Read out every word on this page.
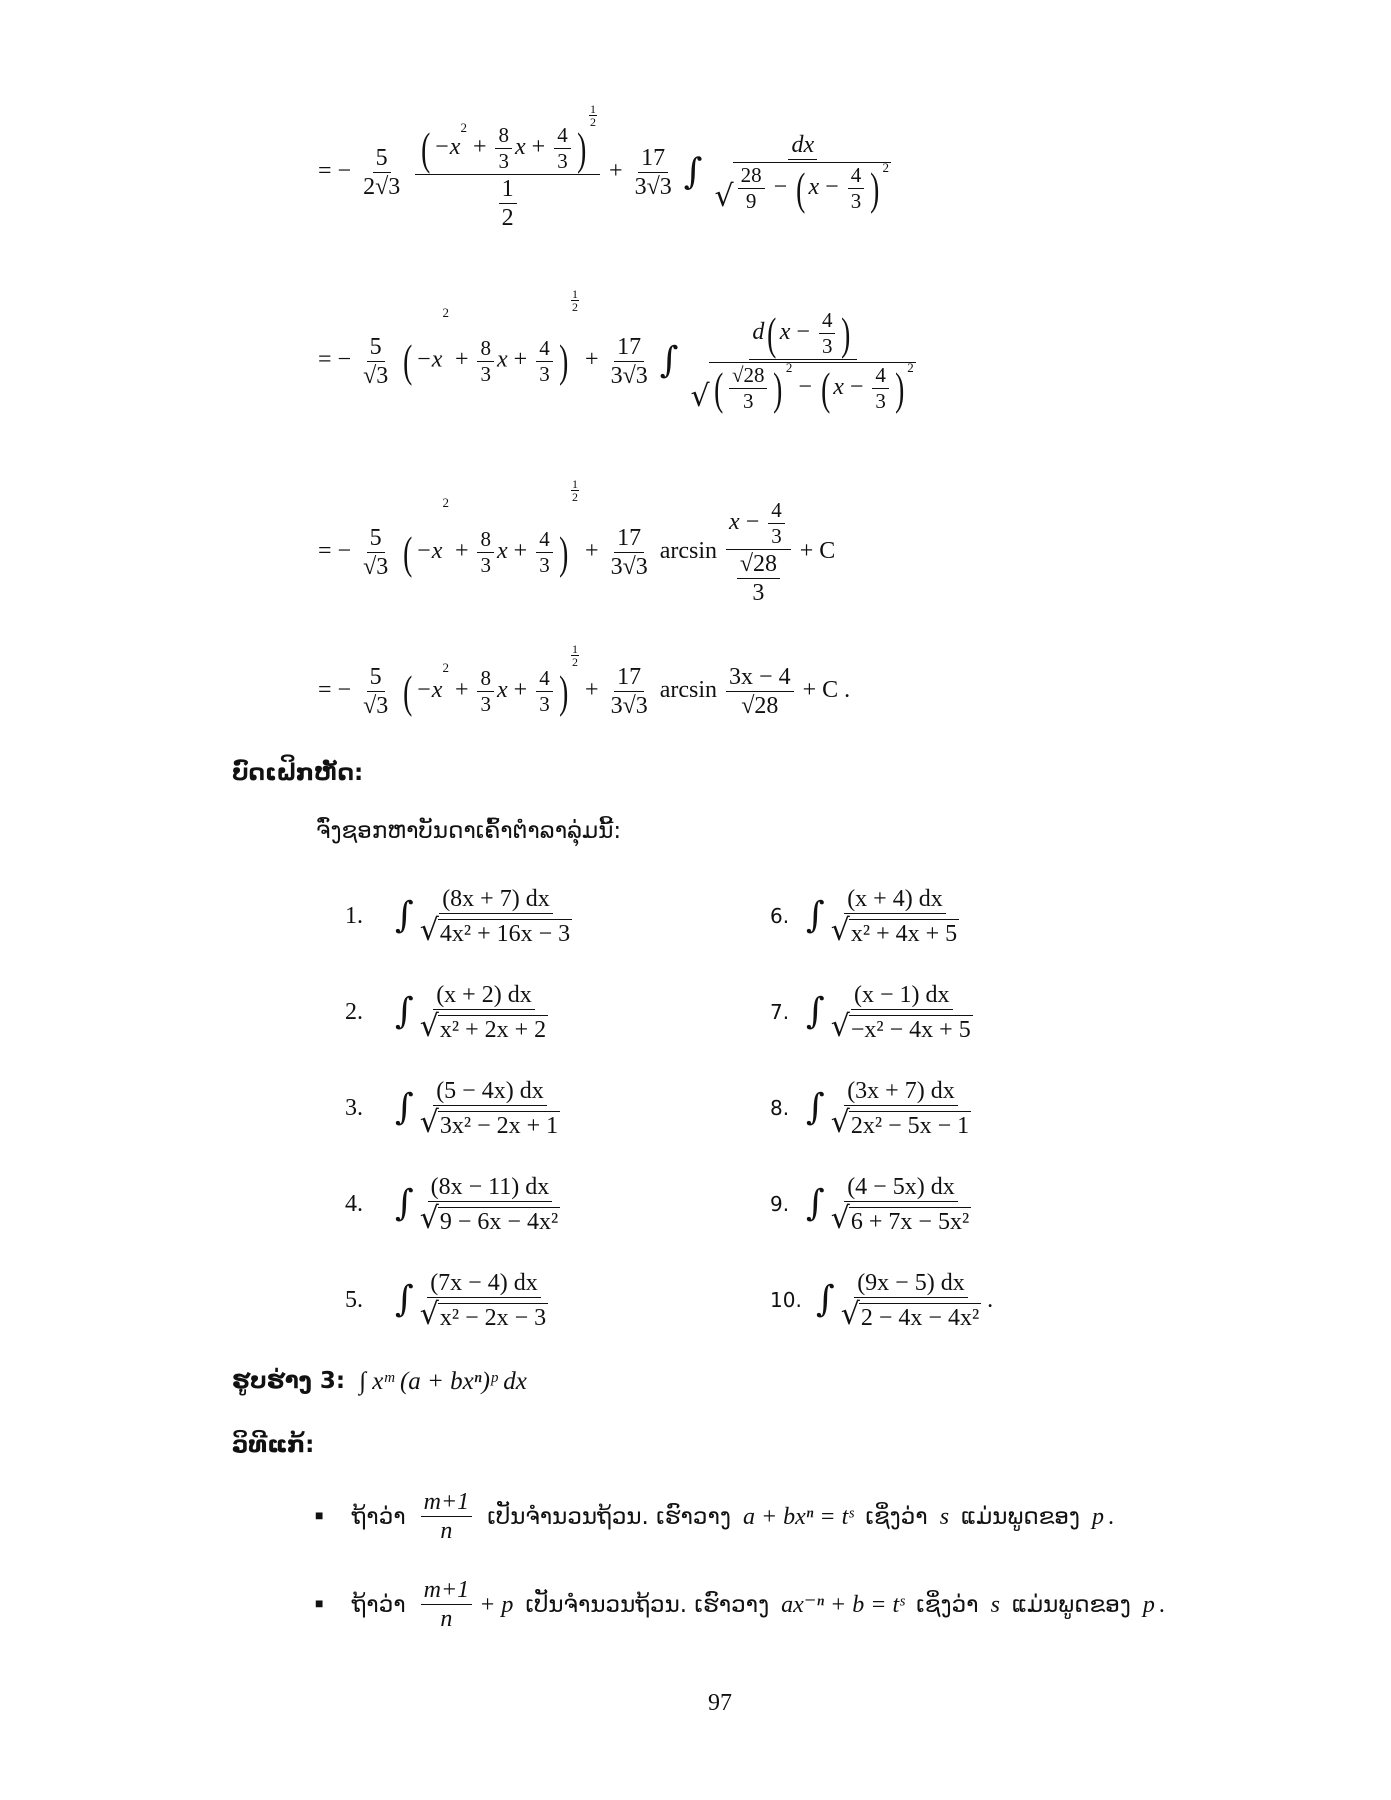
= − $\frac{5}{2√3}$
( $-x^2 + \frac{8}{3}$ $x + \frac{4}{3}$ )
$\frac{1}{2}$
$\frac{1}{2} + \frac{17}{3√3}$ ∫ $\frac{dx}{√ \frac{28}{9} - ( x - \frac{4}{3} ) ^2}$
= − $\frac{5}{√3}$ ( $-x^2 + \frac{8}{3}$ $x + \frac{4}{3}$ )
$\frac{1}{2}$
+ $\frac{17}{3√3}$ ∫ $\frac{d( x - \frac{4}{3} )}{√ ( \frac{√28}{3} ) ^2 - ( x - \frac{4}{3} ) ^2}$
= − $\frac{5}{√3}$ ( $-x^2 + \frac{8}{3}$ $x + \frac{4}{3}$ )
$\frac{1}{2}$
+ $\frac{17}{3√3}$ $\arcsin \frac{x - \frac{4}{3}}{\frac{√28}{3}} + C$
= − $\frac{5}{√3}$ ( $-x^2 + \frac{8}{3}$ $x + \frac{4}{3}$ )
$\frac{1}{2}$
+ $\frac{17}{3√3}$ $\arcsin \frac{3x - 4}{√28} + C$ .
ບົດເຝິກຫັດ:
ຈົ່ງຊອກຫາບັນດາເຄົ້າຕຳລາລຸ່ມນີ້:
1. ∫ $\frac{(8x + 7) dx}{\text{√ 4x² + 16x − 3}}$
2. ∫ $\frac{(x + 2) dx}{\text{√ x² + 2x + 2}}$
3. ∫ $\frac{(5 - 4x) dx}{\text{√ 3x² − 2x + 1}}$
4. ∫ $\frac{(8x - 11) dx}{\text{√ 9 − 6x − 4x²}}$
5. ∫ $\frac{(7x - 4) dx}{\text{√ x² − 2x − 3}}$
6. ∫ $\frac{(x + 4) dx}{\text{√ x² + 4x + 5}}$
7. ∫ $\frac{(x - 1) dx}{\text{√ −x² − 4x + 5}}$
8. ∫ $\frac{(3x + 7) dx}{\text{√ 2x² − 5x − 1}}$
9. ∫ $\frac{(4 - 5x) dx}{\text{√ 6 + 7x − 5x²}}$
10. ∫ $\frac{(9x - 5) dx}{\text{√ 2 − 4x − 4x²}}$ .
ຮູບຮ່າງ 3: ∫ xᵐ (a + bxⁿ)ᵖ dx
ວິທີແກ້:
■ ຖ້າວ່າ $\frac{m+1}{n}$ ເປັນຈຳນວນຖ້ວນ. ເຮົາວາງ a + bxⁿ = tˢ ເຊິ່ງວ່າ s ແມ່ນພູດຂອງ p .
■ ຖ້າວ່າ $\frac{m+1}{n} + p$ ເປັນຈຳນວນຖ້ວນ. ເຮົາວາງ ax⁻ⁿ + b = tˢ ເຊິ່ງວ່າ s ແມ່ນພູດຂອງ p .
97
